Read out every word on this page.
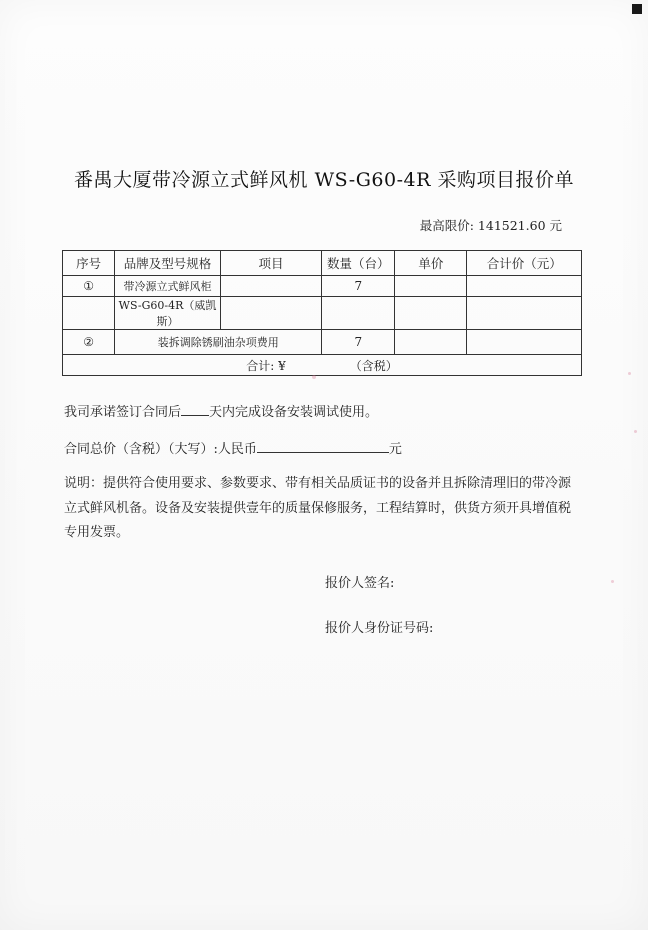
番禺大厦带冷源立式鲜风机 WS-G60-4R 采购项目报价单
最高限价: 141521.60 元
序号	品牌及型号规格	项目	数量（台）	单价	合计价（元）
①	带冷源立式鲜风柜		7		
	WS-G60-4R（威凯斯）				
②	装拆调除锈刷油杂项费用		7		
合计: ¥ （含税）					
我司承诺签订合同后 天内完成设备安装调试使用。
合同总价（含税）（大写）:人民币	元

说明：提供符合使用要求、参数要求、带有相关品质证书的设备并且拆除清理旧的带冷源

立式鲜风机备。设备及安装提供壹年的质量保修服务，工程结算时，供货方须开具增值税

专用发票。

报价人签名:
报价人身份证号码:
